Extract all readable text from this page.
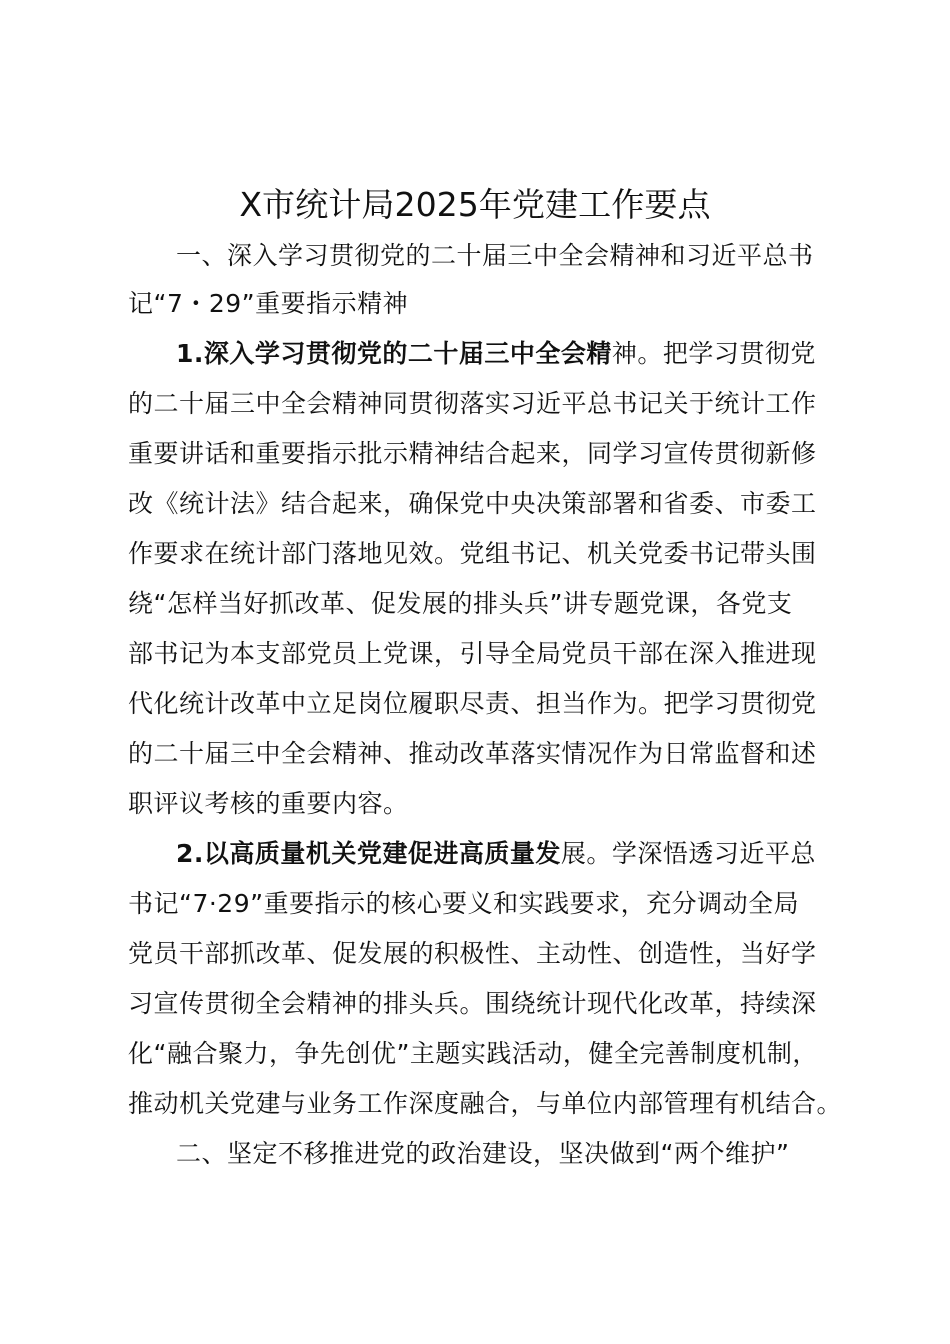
X市统计局2025年党建工作要点
一、深入学习贯彻党的二十届三中全会精神和习近平总书
记“7・29”重要指示精神
1.深入学习贯彻党的二十届三中全会精神。把学习贯彻党
的二十届三中全会精神同贯彻落实习近平总书记关于统计工作
重要讲话和重要指示批示精神结合起来，同学习宣传贯彻新修
改《统计法》结合起来，确保党中央决策部署和省委、市委工
作要求在统计部门落地见效。党组书记、机关党委书记带头围
绕“怎样当好抓改革、促发展的排头兵”讲专题党课，各党支
部书记为本支部党员上党课，引导全局党员干部在深入推进现
代化统计改革中立足岗位履职尽责、担当作为。把学习贯彻党
的二十届三中全会精神、推动改革落实情况作为日常监督和述
职评议考核的重要内容。
2.以高质量机关党建促进高质量发展。学深悟透习近平总
书记“7·29”重要指示的核心要义和实践要求，充分调动全局
党员干部抓改革、促发展的积极性、主动性、创造性，当好学
习宣传贯彻全会精神的排头兵。围绕统计现代化改革，持续深
化“融合聚力，争先创优”主题实践活动，健全完善制度机制，
推动机关党建与业务工作深度融合，与单位内部管理有机结合。
二、坚定不移推进党的政治建设，坚决做到“两个维护”
